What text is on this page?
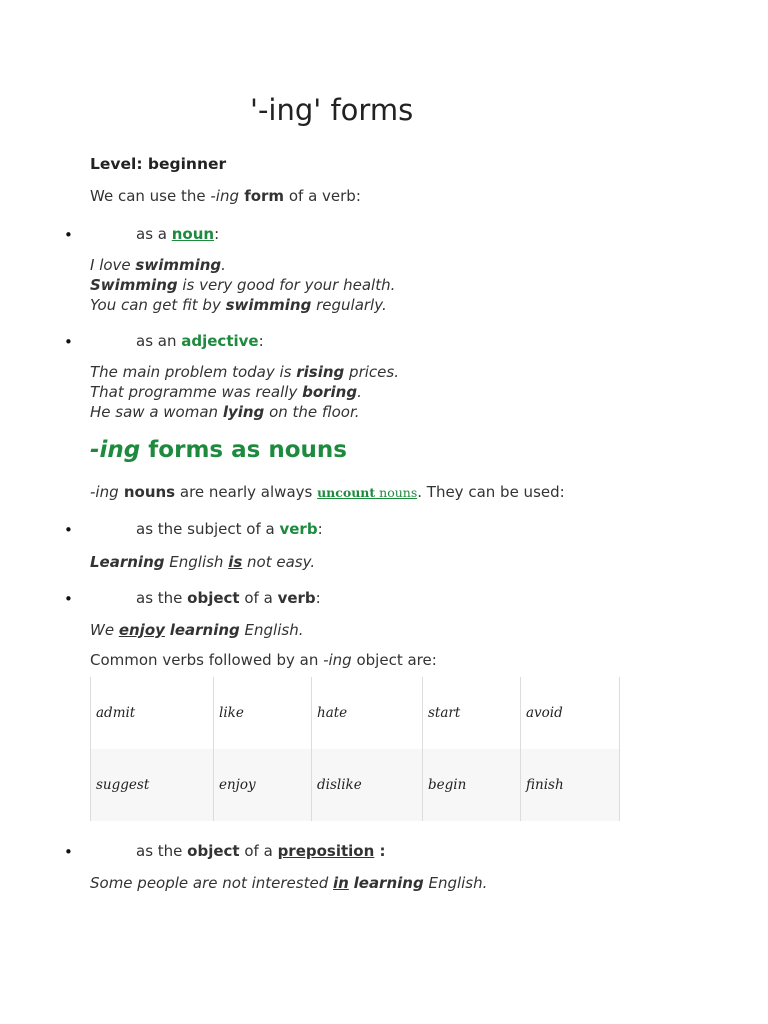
'-ing' forms
Level: beginner
We can use the -ing form of a verb:
•	as a noun:
I love swimming.
Swimming is very good for your health.
You can get fit by swimming regularly.
•	as an adjective:
The main problem today is rising prices.
That programme was really boring.
He saw a woman lying on the floor.
-ing forms as nouns
-ing nouns are nearly always uncount nouns. They can be used:
•	as the subject of a verb:
Learning English is not easy.
•	as the object of a verb:
We enjoy learning English.
Common verbs followed by an -ing object are:
admit	like	hate	start	avoid
suggest	enjoy	dislike	begin	finish
•	as the object of a preposition :
Some people are not interested in learning English.
